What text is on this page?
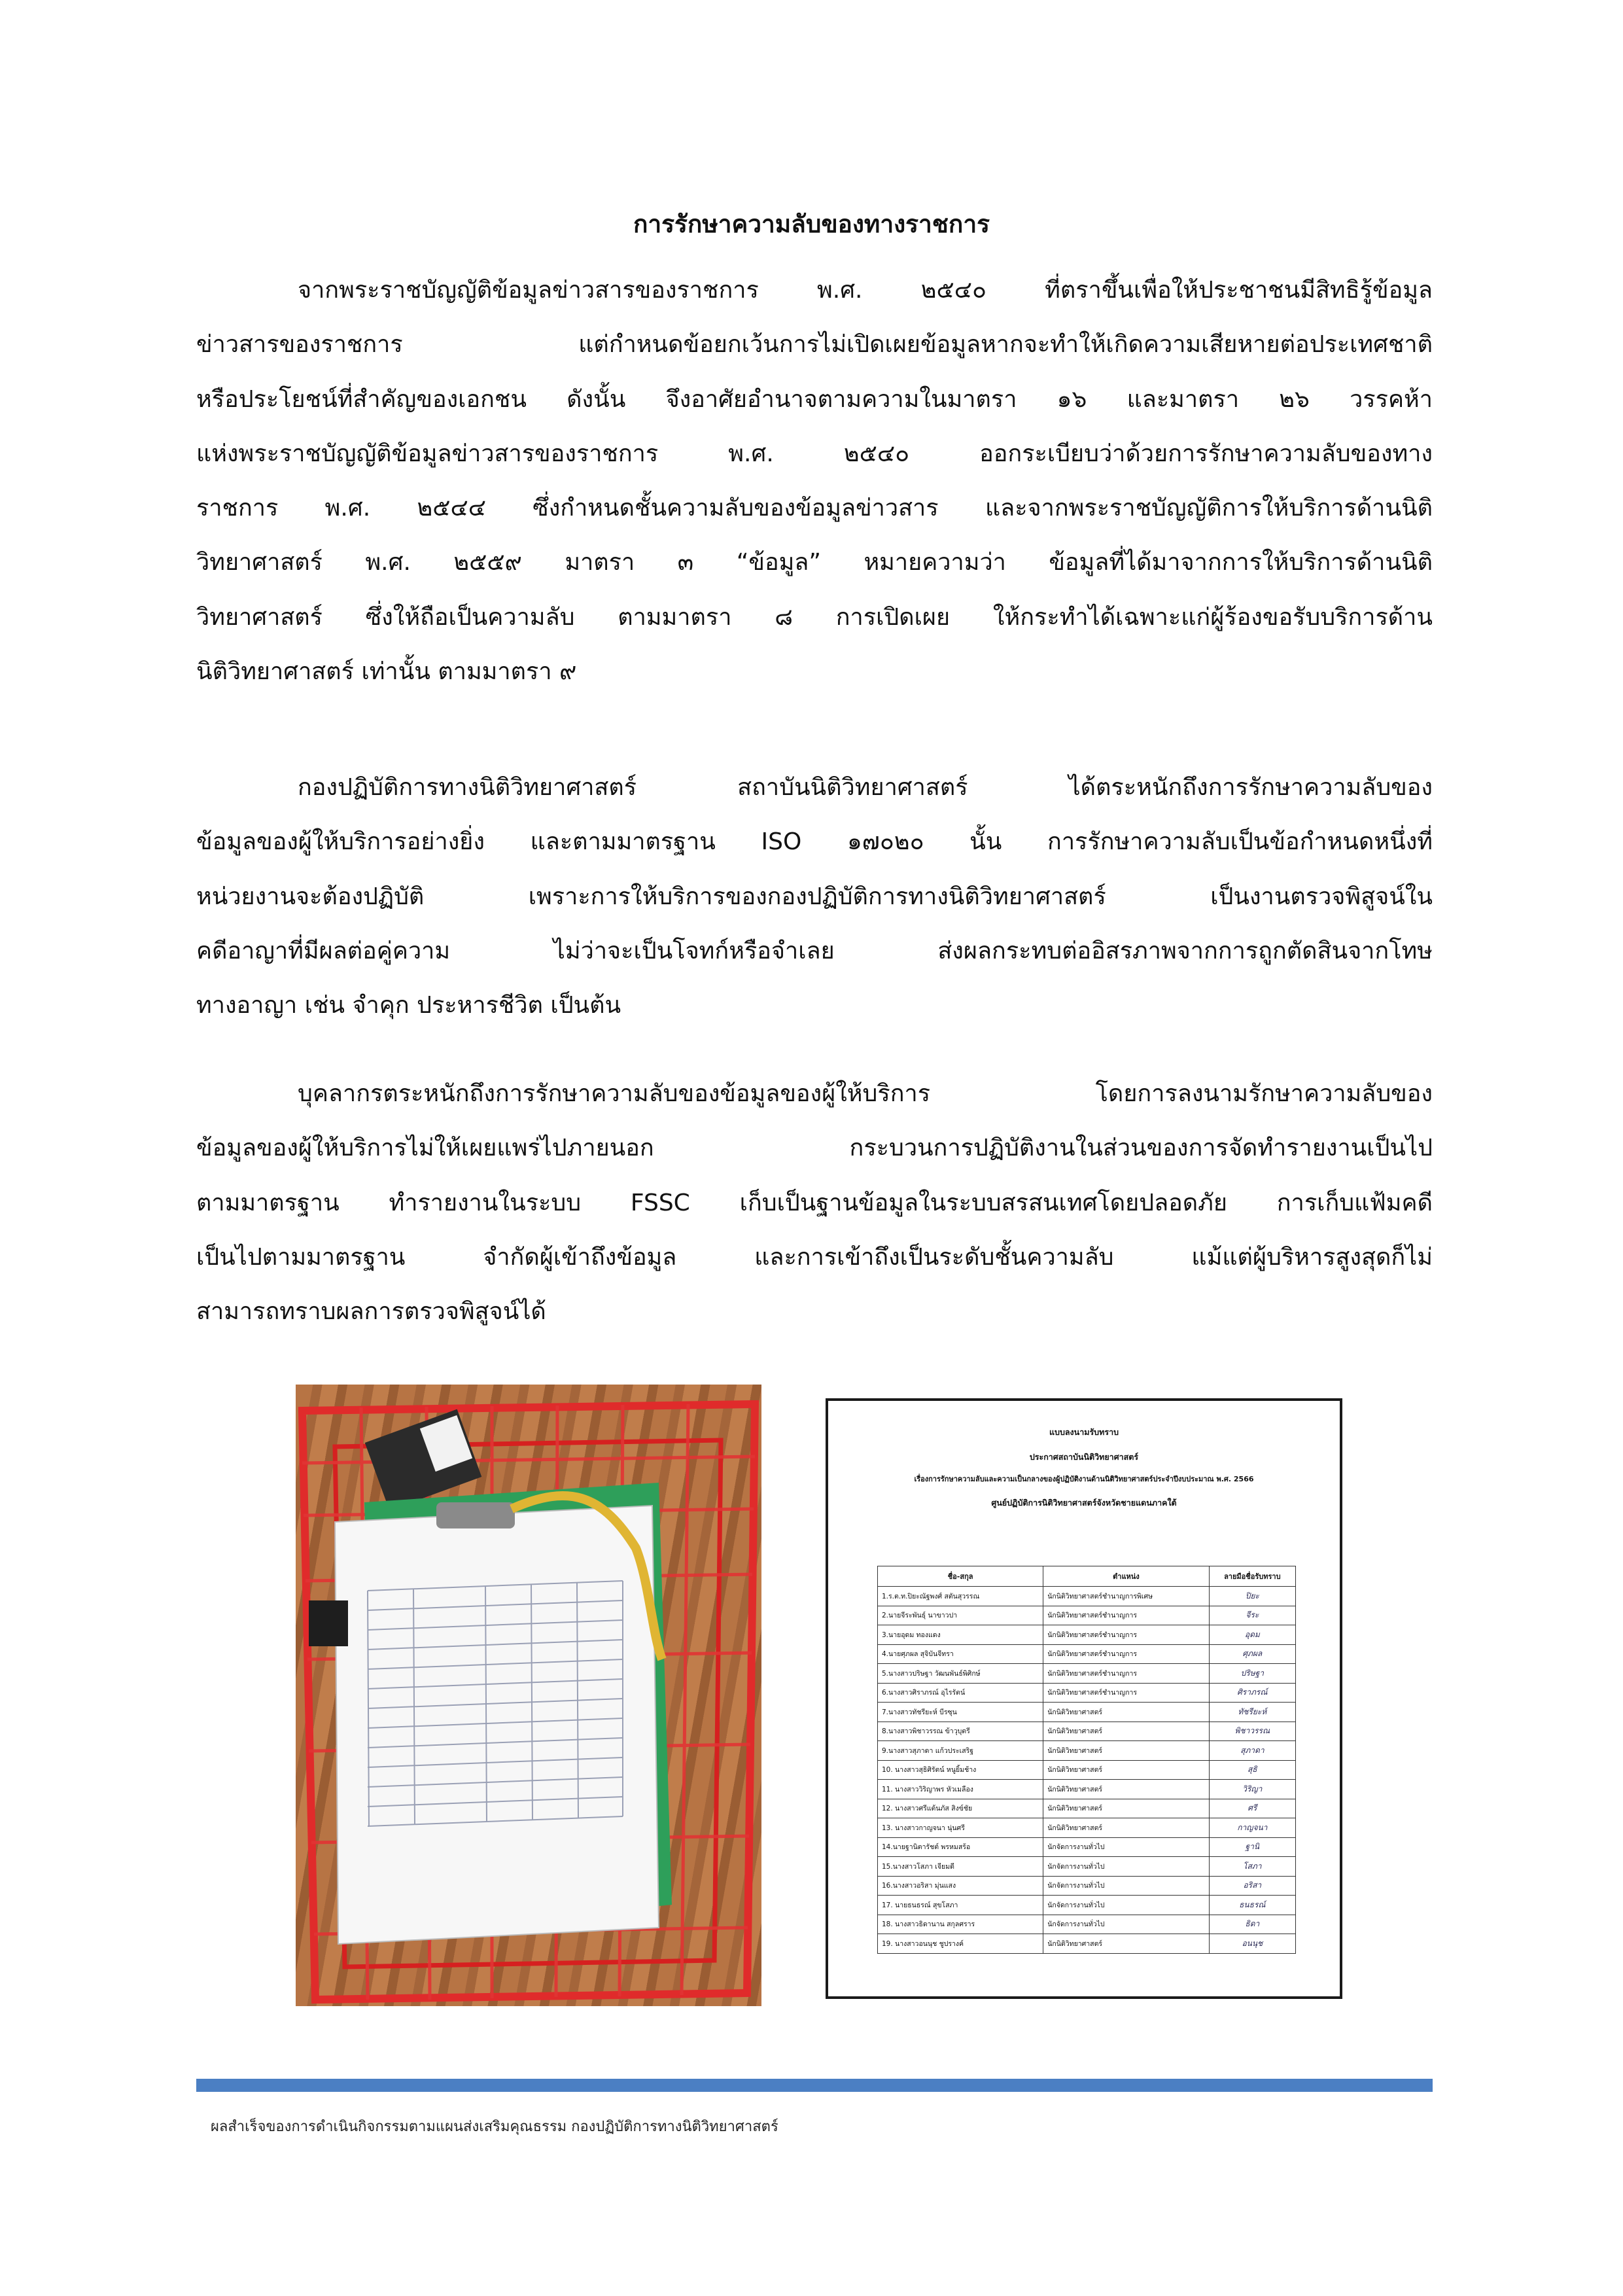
การรักษาความลับของทางราชการ
จากพระราชบัญญัติข้อมูลข่าวสารของราชการ พ.ศ. ๒๕๔๐ ที่ตราขึ้นเพื่อให้ประชาชนมีสิทธิรู้ข้อมูล
ข่าวสารของราชการ แต่กำหนดข้อยกเว้นการไม่เปิดเผยข้อมูลหากจะทำให้เกิดความเสียหายต่อประเทศชาติ
หรือประโยชน์ที่สำคัญของเอกชน ดังนั้น จึงอาศัยอำนาจตามความในมาตรา ๑๖ และมาตรา ๒๖ วรรคห้า
แห่งพระราชบัญญัติข้อมูลข่าวสารของราชการ พ.ศ. ๒๕๔๐ ออกระเบียบว่าด้วยการรักษาความลับของทาง
ราชการ พ.ศ. ๒๕๔๔ ซึ่งกำหนดชั้นความลับของข้อมูลข่าวสาร และจากพระราชบัญญัติการให้บริการด้านนิติ
วิทยาศาสตร์ พ.ศ. ๒๕๕๙ มาตรา ๓ “ข้อมูล” หมายความว่า ข้อมูลที่ได้มาจากการให้บริการด้านนิติ
วิทยาศาสตร์ ซึ่งให้ถือเป็นความลับ ตามมาตรา ๘ การเปิดเผย ให้กระทำได้เฉพาะแก่ผู้ร้องขอรับบริการด้าน
นิติวิทยาศาสตร์ เท่านั้น ตามมาตรา ๙
กองปฏิบัติการทางนิติวิทยาศาสตร์ สถาบันนิติวิทยาศาสตร์ ได้ตระหนักถึงการรักษาความลับของ
ข้อมูลของผู้ให้บริการอย่างยิ่ง และตามมาตรฐาน ISO ๑๗๐๒๐ นั้น การรักษาความลับเป็นข้อกำหนดหนึ่งที่
หน่วยงานจะต้องปฏิบัติ เพราะการให้บริการของกองปฏิบัติการทางนิติวิทยาศาสตร์ เป็นงานตรวจพิสูจน์ใน
คดีอาญาที่มีผลต่อคู่ความ ไม่ว่าจะเป็นโจทก์หรือจำเลย ส่งผลกระทบต่ออิสรภาพจากการถูกตัดสินจากโทษ
ทางอาญา เช่น จำคุก ประหารชีวิต เป็นต้น
บุคลากรตระหนักถึงการรักษาความลับของข้อมูลของผู้ให้บริการ โดยการลงนามรักษาความลับของ
ข้อมูลของผู้ให้บริการไม่ให้เผยแพร่ไปภายนอก กระบวนการปฏิบัติงานในส่วนของการจัดทำรายงานเป็นไป
ตามมาตรฐาน ทำรายงานในระบบ FSSC เก็บเป็นฐานข้อมูลในระบบสรสนเทศโดยปลอดภัย การเก็บแฟ้มคดี
เป็นไปตามมาตรฐาน จำกัดผู้เข้าถึงข้อมูล และการเข้าถึงเป็นระดับชั้นความลับ แม้แต่ผู้บริหารสูงสุดก็ไม่
สามารถทราบผลการตรวจพิสูจน์ได้
แบบลงนามรับทราบ
ประกาศสถาบันนิติวิทยาศาสตร์
เรื่องการรักษาความลับและความเป็นกลางของผู้ปฏิบัติงานด้านนิติวิทยาศาสตร์ประจำปีงบประมาณ พ.ศ. 2566
ศูนย์ปฏิบัติการนิติวิทยาศาสตร์จังหวัดชายแดนภาคใต้
ชื่อ-สกุล	ตำแหน่ง	ลายมือชื่อรับทราบ
1.ร.ต.ท.ปิยะณัฐพงศ์ สตันสุวรรณ	นักนิติวิทยาศาสตร์ชำนาญการพิเศษ	ปิยะ
2.นายจีระพันธุ์ นาขาวปา	นักนิติวิทยาศาสตร์ชำนาญการ	จีระ
3.นายอุดม ทองแดง	นักนิติวิทยาศาสตร์ชำนาญการ	อุดม
4.นายศุภผล สุจิบันจีทรา	นักนิติวิทยาศาสตร์ชำนาญการ	ศุภผล
5.นางสาวปริษฐา วัฒนพันธ์พิศิกษ์	นักนิติวิทยาศาสตร์ชำนาญการ	ปริษฐา
6.นางสาวศิราภรณ์ อุไรรัตน์	นักนิติวิทยาศาสตร์ชำนาญการ	ศิราภรณ์
7.นางสาวทัชรียะห์ บีรซุน	นักนิติวิทยาศาสตร์	ทัชรียะห์
8.นางสาวพิชาวรรณ ข้าวุบุตรี	นักนิติวิทยาศาสตร์	พิชาวรรณ
9.นางสาวสุภาดา แก้วประเสริฐ	นักนิติวิทยาศาสตร์	สุภาดา
10. นางสาวสุธิศิรัตน์ หนูยิ้มช้าง	นักนิติวิทยาศาสตร์	สุธิ
11. นางสาววิริญาพร หัวเมลือง	นักนิติวิทยาศาสตร์	วิริญา
12. นางสาวศรีแต้นภัส สิงข์ชัย	นักนิติวิทยาศาสตร์	ศรี
13. นางสาวกาญจนา นุ่นศรี	นักนิติวิทยาศาสตร์	กาญจนา
14.นายฐานิตารัชต์ พรหมสร้อ	นักจัดการงานทั่วไป	ฐานิ
15.นางสาวโสภา เจียมดี	นักจัดการงานทั่วไป	โสภา
16.นางสาวอริสา มุ่นแสง	นักจัดการงานทั่วไป	อริสา
17. นายธนธรณ์ สุขโสภา	นักจัดการงานทั่วไป	ธนธรณ์
18. นางสาวธิดานาน สกุลศราร	นักจัดการงานทั่วไป	ธิดา
19. นางสาวอนนุช ชูปรางค์	นักนิติวิทยาศาสตร์	อนนุช
ผลสำเร็จของการดำเนินกิจกรรมตามแผนส่งเสริมคุณธรรม กองปฏิบัติการทางนิติวิทยาศาสตร์
